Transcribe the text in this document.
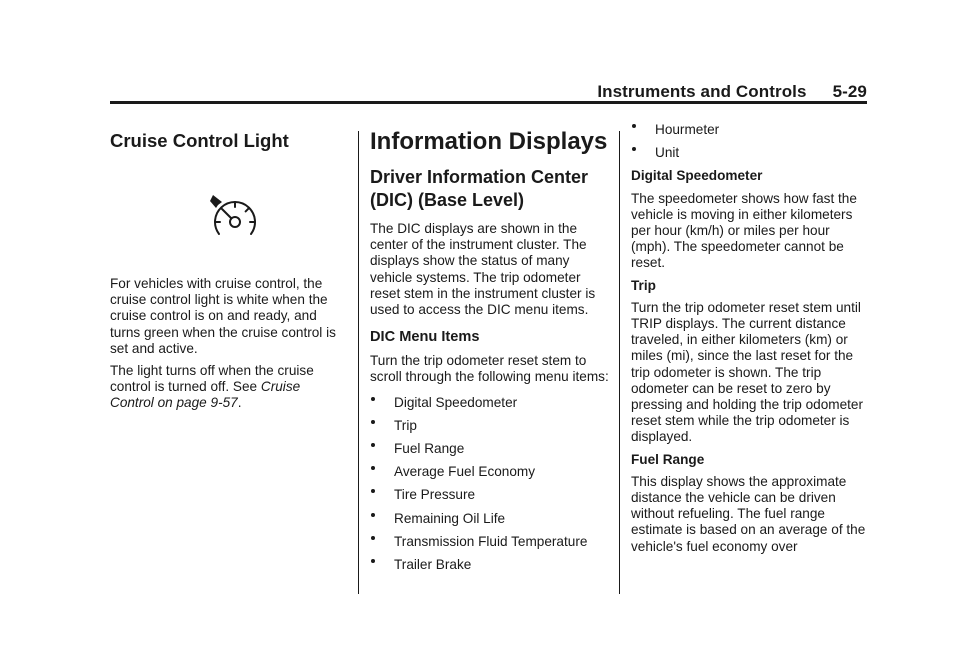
Instruments and Controls 5-29
Cruise Control Light

For vehicles with cruise control, the cruise control light is white when the cruise control is on and ready, and turns green when the cruise control is set and active.

The light turns off when the cruise control is turned off. See Cruise Control on page 9-57.

Information Displays
Driver Information Center (DIC) (Base Level)

The DIC displays are shown in the center of the instrument cluster. The displays show the status of many vehicle systems. The trip odometer reset stem in the instrument cluster is used to access the DIC menu items.

DIC Menu Items

Turn the trip odometer reset stem to scroll through the following menu items:

Digital Speedometer
Trip
Fuel Range
Average Fuel Economy
Tire Pressure
Remaining Oil Life
Transmission Fluid Temperature
Trailer Brake
Hourmeter
Unit
Digital Speedometer

The speedometer shows how fast the vehicle is moving in either kilometers per hour (km/h) or miles per hour (mph). The speedometer cannot be reset.

Trip

Turn the trip odometer reset stem until TRIP displays. The current distance traveled, in either kilometers (km) or miles (mi), since the last reset for the trip odometer is shown. The trip odometer can be reset to zero by pressing and holding the trip odometer reset stem while the trip odometer is displayed.

Fuel Range

This display shows the approximate distance the vehicle can be driven without refueling. The fuel range estimate is based on an average of the vehicle's fuel economy over
